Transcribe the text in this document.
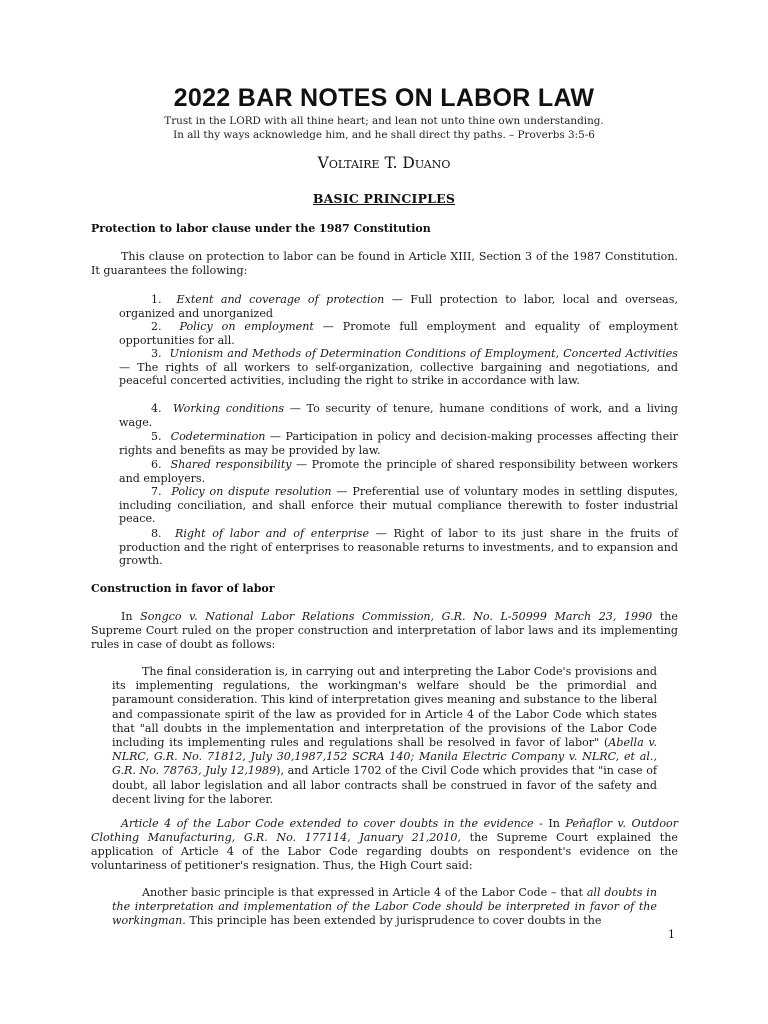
2022 BAR NOTES ON LABOR LAW
Trust in the LORD with all thine heart; and lean not unto thine own understanding.
In all thy ways acknowledge him, and he shall direct thy paths. – Proverbs 3:5-6
Voltaire T. Duano
BASIC PRINCIPLES
Protection to labor clause under the 1987 Constitution
This clause on protection to labor can be found in Article XIII, Section 3 of the 1987 Constitution. It guarantees the following:
1. Extent and coverage of protection — Full protection to labor, local and overseas, organized and unorganized
2. Policy on employment — Promote full employment and equality of employment opportunities for all.
3. Unionism and Methods of Determination Conditions of Employment, Concerted Activities — The rights of all workers to self-organization, collective bargaining and negotiations, and peaceful concerted activities, including the right to strike in accordance with law.
4. Working conditions — To security of tenure, humane conditions of work, and a living wage.
5. Codetermination — Participation in policy and decision-making processes affecting their rights and benefits as may be provided by law.
6. Shared responsibility — Promote the principle of shared responsibility between workers and employers.
7. Policy on dispute resolution — Preferential use of voluntary modes in settling disputes, including conciliation, and shall enforce their mutual compliance therewith to foster industrial peace.
8. Right of labor and of enterprise — Right of labor to its just share in the fruits of production and the right of enterprises to reasonable returns to investments, and to expansion and growth.
Construction in favor of labor
In Songco v. National Labor Relations Commission, G.R. No. L-50999 March 23, 1990 the Supreme Court ruled on the proper construction and interpretation of labor laws and its implementing rules in case of doubt as follows:
The final consideration is, in carrying out and interpreting the Labor Code's provisions and its implementing regulations, the workingman's welfare should be the primordial and paramount consideration. This kind of interpretation gives meaning and substance to the liberal and compassionate spirit of the law as provided for in Article 4 of the Labor Code which states that "all doubts in the implementation and interpretation of the provisions of the Labor Code including its implementing rules and regulations shall be resolved in favor of labor" (Abella v. NLRC, G.R. No. 71812, July 30,1987,152 SCRA 140; Manila Electric Company v. NLRC, et al., G.R. No. 78763, July 12,1989), and Article 1702 of the Civil Code which provides that "in case of doubt, all labor legislation and all labor contracts shall be construed in favor of the safety and decent living for the laborer.
Article 4 of the Labor Code extended to cover doubts in the evidence - In Peñaflor v. Outdoor Clothing Manufacturing, G.R. No. 177114, January 21,2010, the Supreme Court explained the application of Article 4 of the Labor Code regarding doubts on respondent's evidence on the voluntariness of petitioner's resignation. Thus, the High Court said:
Another basic principle is that expressed in Article 4 of the Labor Code – that all doubts in the interpretation and implementation of the Labor Code should be interpreted in favor of the workingman. This principle has been extended by jurisprudence to cover doubts in the
1
